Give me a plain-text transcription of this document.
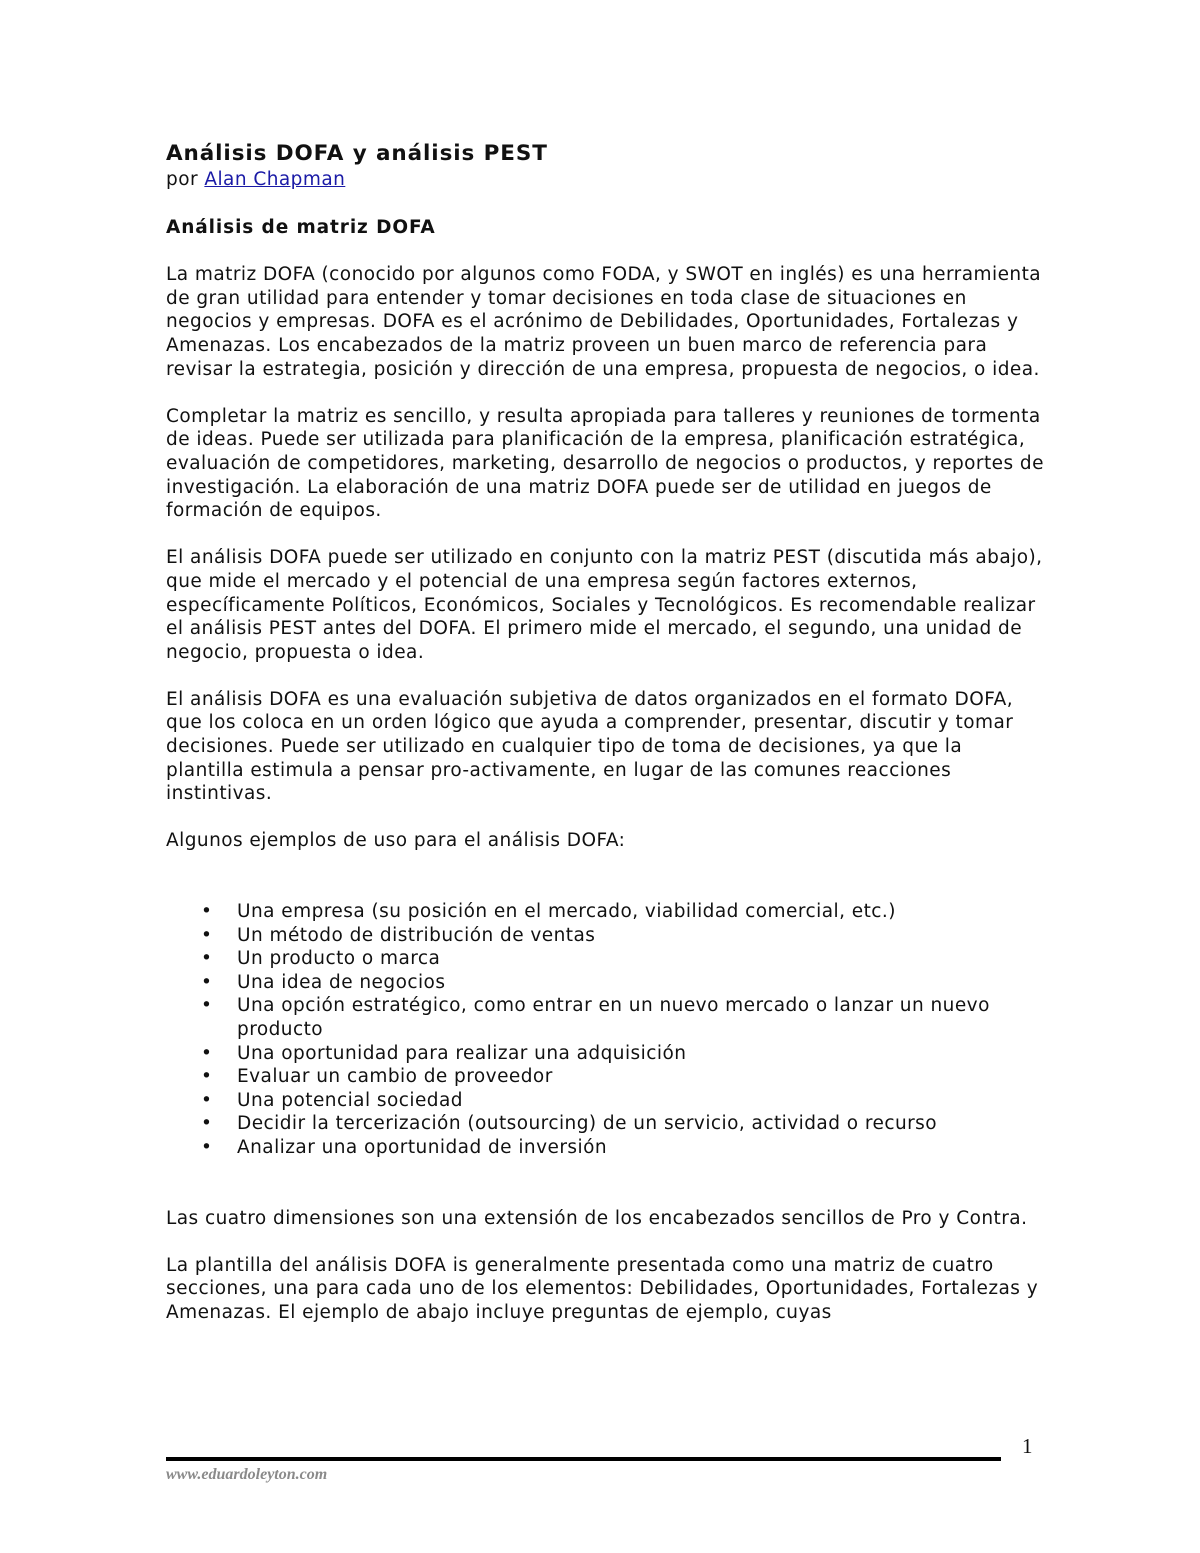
Análisis DOFA y análisis PEST

por Alan Chapman

Análisis de matriz DOFA

La matriz DOFA (conocido por algunos como FODA, y SWOT en inglés) es una herramienta de gran utilidad para entender y tomar decisiones en toda clase de situaciones en negocios y empresas. DOFA es el acrónimo de Debilidades, Oportunidades, Fortalezas y Amenazas. Los encabezados de la matriz proveen un buen marco de referencia para revisar la estrategia, posición y dirección de una empresa, propuesta de negocios, o idea.

Completar la matriz es sencillo, y resulta apropiada para talleres y reuniones de tormenta de ideas. Puede ser utilizada para planificación de la empresa, planificación estratégica, evaluación de competidores, marketing, desarrollo de negocios o productos, y reportes de investigación. La elaboración de una matriz DOFA puede ser de utilidad en juegos de formación de equipos.

El análisis DOFA puede ser utilizado en conjunto con la matriz PEST (discutida más abajo), que mide el mercado y el potencial de una empresa según factores externos, específicamente Políticos, Económicos, Sociales y Tecnológicos. Es recomendable realizar el análisis PEST antes del DOFA. El primero mide el mercado, el segundo, una unidad de negocio, propuesta o idea.

El análisis DOFA es una evaluación subjetiva de datos organizados en el formato DOFA, que los coloca en un orden lógico que ayuda a comprender, presentar, discutir y tomar decisiones. Puede ser utilizado en cualquier tipo de toma de decisiones, ya que la plantilla estimula a pensar pro-activamente, en lugar de las comunes reacciones instintivas.

Algunos ejemplos de uso para el análisis DOFA:

• Una empresa (su posición en el mercado, viabilidad comercial, etc.)
• Un método de distribución de ventas
• Un producto o marca
• Una idea de negocios
• Una opción estratégico, como entrar en un nuevo mercado o lanzar un nuevo producto
• Una oportunidad para realizar una adquisición
• Evaluar un cambio de proveedor
• Una potencial sociedad
• Decidir la tercerización (outsourcing) de un servicio, actividad o recurso
• Analizar una oportunidad de inversión

Las cuatro dimensiones son una extensión de los encabezados sencillos de Pro y Contra.

La plantilla del análisis DOFA is generalmente presentada como una matriz de cuatro secciones, una para cada uno de los elementos: Debilidades, Oportunidades, Fortalezas y Amenazas. El ejemplo de abajo incluye preguntas de ejemplo, cuyas

1
www.eduardoleyton.com
